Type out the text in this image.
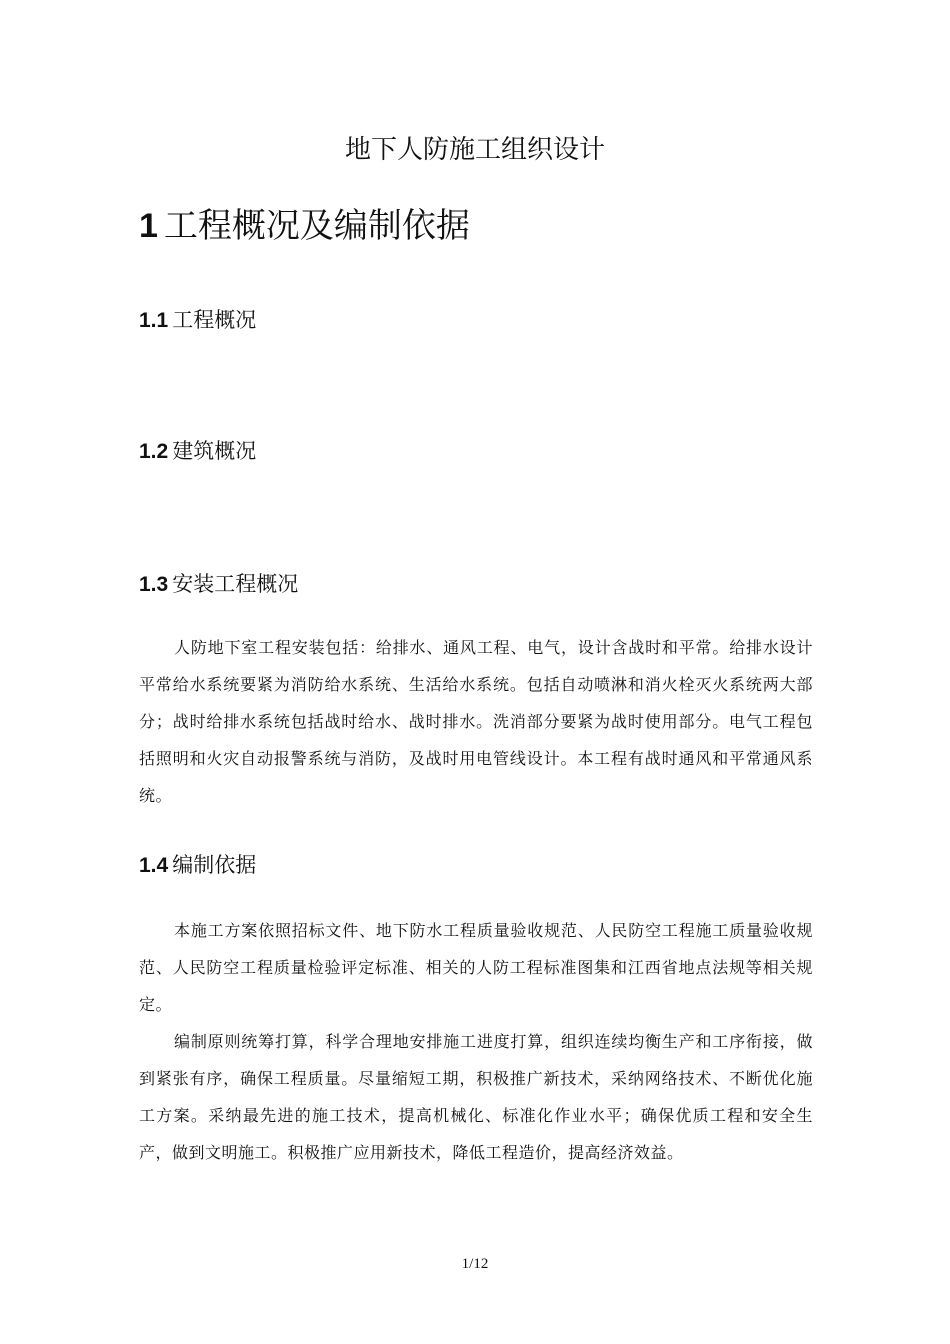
地下人防施工组织设计
1 工程概况及编制依据
1.1 工程概况
1.2 建筑概况
1.3 安装工程概况

人防地下室工程安装包括：给排水、通风工程、电气，设计含战时和平常。给排水设计平常给水系统要紧为消防给水系统、生活给水系统。包括自动喷淋和消火栓灭火系统两大部分；战时给排水系统包括战时给水、战时排水。洗消部分要紧为战时使用部分。电气工程包括照明和火灾自动报警系统与消防，及战时用电管线设计。本工程有战时通风和平常通风系统。

1.4 编制依据

本施工方案依照招标文件、地下防水工程质量验收规范、人民防空工程施工质量验收规范、人民防空工程质量检验评定标准、相关的人防工程标准图集和江西省地点法规等相关规定。

编制原则统筹打算，科学合理地安排施工进度打算，组织连续均衡生产和工序衔接，做到紧张有序，确保工程质量。尽量缩短工期，积极推广新技术，采纳网络技术、不断优化施工方案。采纳最先进的施工技术，提高机械化、标准化作业水平；确保优质工程和安全生产，做到文明施工。积极推广应用新技术，降低工程造价，提高经济效益。

1/12
